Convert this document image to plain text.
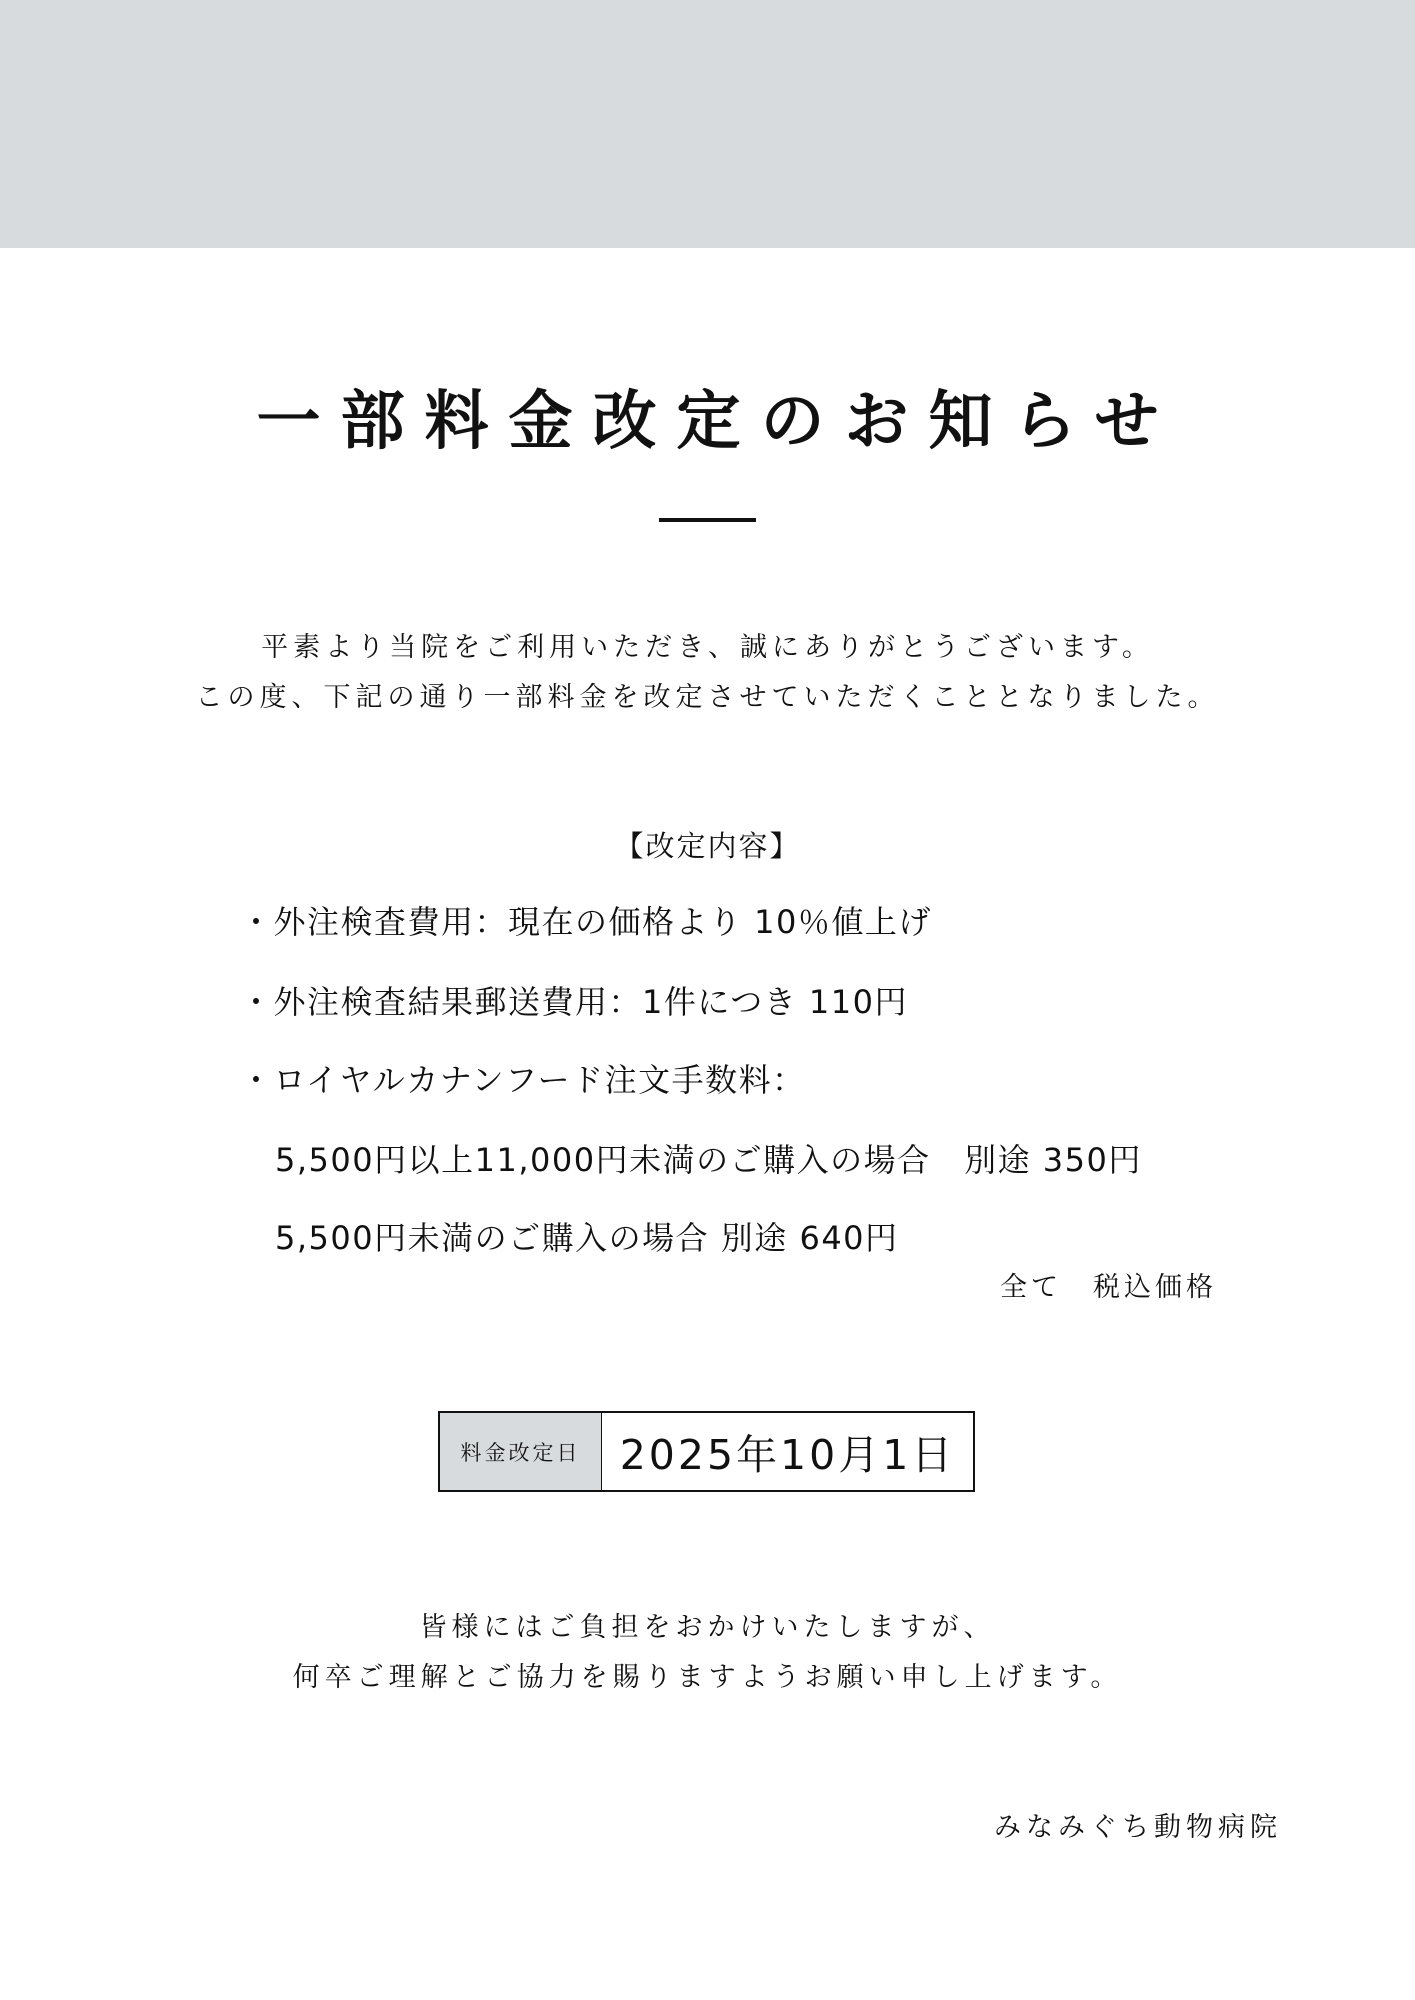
一部料金改定のお知らせ

平素より当院をご利用いただき、誠にありがとうございます。

この度、下記の通り一部料金を改定させていただくこととなりました。

【改定内容】

・外注検査費用：現在の価格より 10％値上げ

・外注検査結果郵送費用：1件につき 110円

・ロイヤルカナンフード注文手数料：

5,500円以上11,000円未満のご購入の場合　別途 350円

5,500円未満のご購入の場合 別途 640円

全て　税込価格

料金改定日 2025年10月1日

皆様にはご負担をおかけいたしますが、

何卒ご理解とご協力を賜りますようお願い申し上げます。

みなみぐち動物病院
